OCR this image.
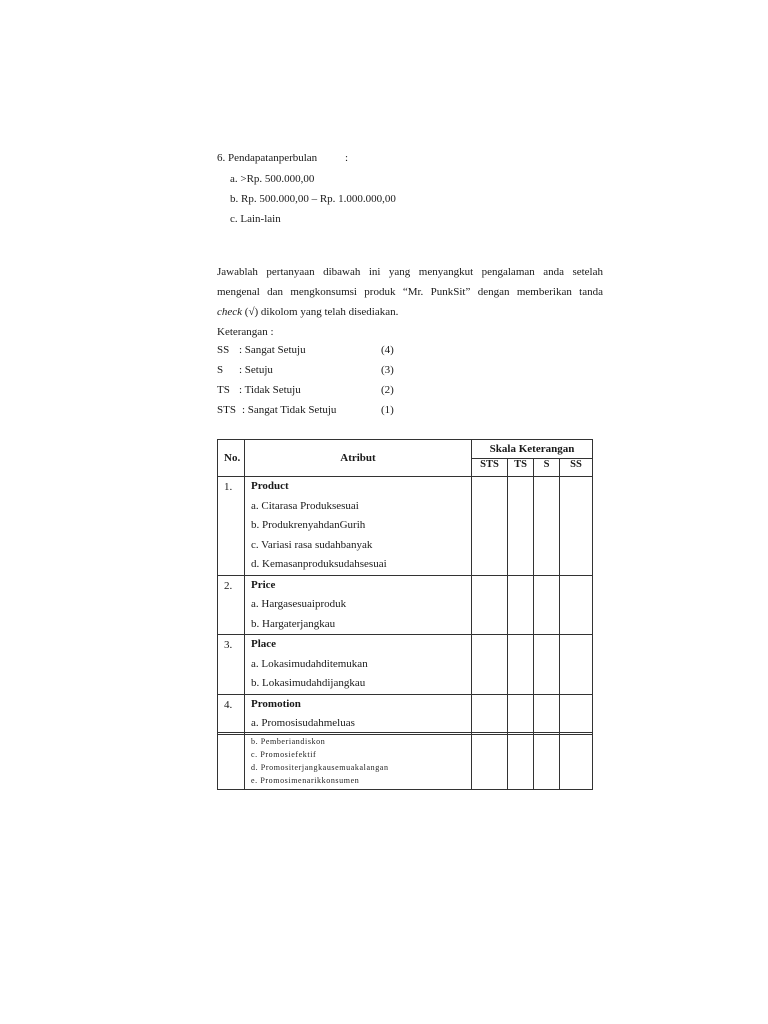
6. Pendapatanperbulan	:
a. >Rp. 500.000,00
b. Rp. 500.000,00 – Rp. 1.000.000,00
c. Lain-lain
Jawablah pertanyaan dibawah ini yang menyangkut pengalaman anda setelah
mengenal dan mengkonsumsi produk “Mr. PunkSit” dengan memberikan tanda
check (√) dikolom yang telah disediakan.
Keterangan :
SS : Sangat Setuju	(4)
S : Setuju	(3)
TS : Tidak Setuju	(2)
STS : Sangat Tidak Setuju	(1)
No.	Atribut	Skala Keterangan			
		STS	TS	S	SS
1.	Product
a. Citarasa Produksesuai
b. ProdukrenyahdanGurih
c. Variasi rasa sudahbanyak
d. Kemasanproduksudahsesuai				

2.	Price
a. Hargasesuaiproduk
b. Hargaterjangkau				

3.	Place
a. Lokasimudahditemukan
b. Lokasimudahdijangkau				

4.	Promotion
a. Promosisudahmeluas				

b. Pemberiandiskon
c. Promosiefektif
d. Promositerjangkausemuakalangan
e. Promosimenarikkonsumen
